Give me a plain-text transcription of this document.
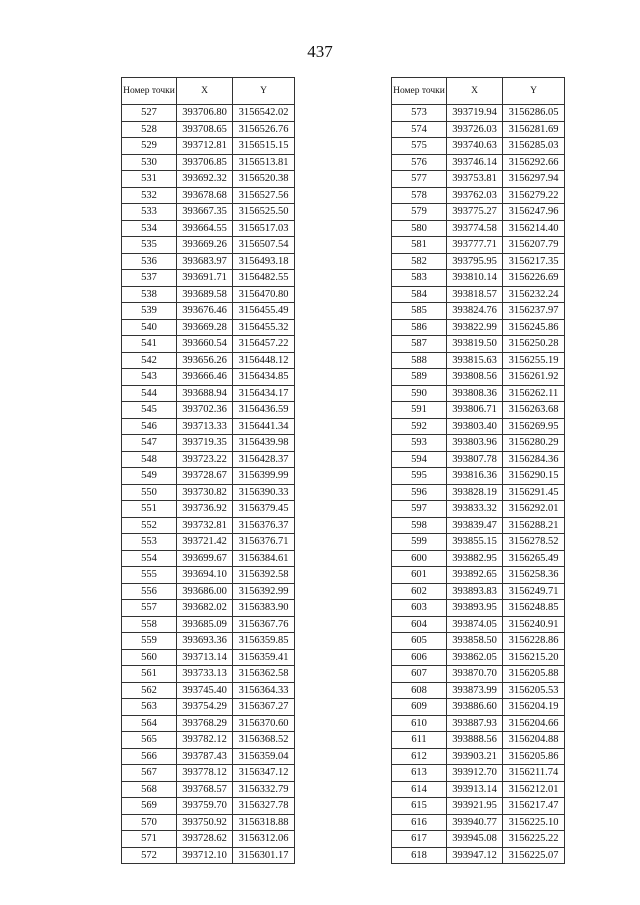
437
Номер точки	X	Y
527	393706.80	3156542.02
528	393708.65	3156526.76
529	393712.81	3156515.15
530	393706.85	3156513.81
531	393692.32	3156520.38
532	393678.68	3156527.56
533	393667.35	3156525.50
534	393664.55	3156517.03
535	393669.26	3156507.54
536	393683.97	3156493.18
537	393691.71	3156482.55
538	393689.58	3156470.80
539	393676.46	3156455.49
540	393669.28	3156455.32
541	393660.54	3156457.22
542	393656.26	3156448.12
543	393666.46	3156434.85
544	393688.94	3156434.17
545	393702.36	3156436.59
546	393713.33	3156441.34
547	393719.35	3156439.98
548	393723.22	3156428.37
549	393728.67	3156399.99
550	393730.82	3156390.33
551	393736.92	3156379.45
552	393732.81	3156376.37
553	393721.42	3156376.71
554	393699.67	3156384.61
555	393694.10	3156392.58
556	393686.00	3156392.99
557	393682.02	3156383.90
558	393685.09	3156367.76
559	393693.36	3156359.85
560	393713.14	3156359.41
561	393733.13	3156362.58
562	393745.40	3156364.33
563	393754.29	3156367.27
564	393768.29	3156370.60
565	393782.12	3156368.52
566	393787.43	3156359.04
567	393778.12	3156347.12
568	393768.57	3156332.79
569	393759.70	3156327.78
570	393750.92	3156318.88
571	393728.62	3156312.06
572	393712.10	3156301.17
Номер точки	X	Y
573	393719.94	3156286.05
574	393726.03	3156281.69
575	393740.63	3156285.03
576	393746.14	3156292.66
577	393753.81	3156297.94
578	393762.03	3156279.22
579	393775.27	3156247.96
580	393774.58	3156214.40
581	393777.71	3156207.79
582	393795.95	3156217.35
583	393810.14	3156226.69
584	393818.57	3156232.24
585	393824.76	3156237.97
586	393822.99	3156245.86
587	393819.50	3156250.28
588	393815.63	3156255.19
589	393808.56	3156261.92
590	393808.36	3156262.11
591	393806.71	3156263.68
592	393803.40	3156269.95
593	393803.96	3156280.29
594	393807.78	3156284.36
595	393816.36	3156290.15
596	393828.19	3156291.45
597	393833.32	3156292.01
598	393839.47	3156288.21
599	393855.15	3156278.52
600	393882.95	3156265.49
601	393892.65	3156258.36
602	393893.83	3156249.71
603	393893.95	3156248.85
604	393874.05	3156240.91
605	393858.50	3156228.86
606	393862.05	3156215.20
607	393870.70	3156205.88
608	393873.99	3156205.53
609	393886.60	3156204.19
610	393887.93	3156204.66
611	393888.56	3156204.88
612	393903.21	3156205.86
613	393912.70	3156211.74
614	393913.14	3156212.01
615	393921.95	3156217.47
616	393940.77	3156225.10
617	393945.08	3156225.22
618	393947.12	3156225.07
